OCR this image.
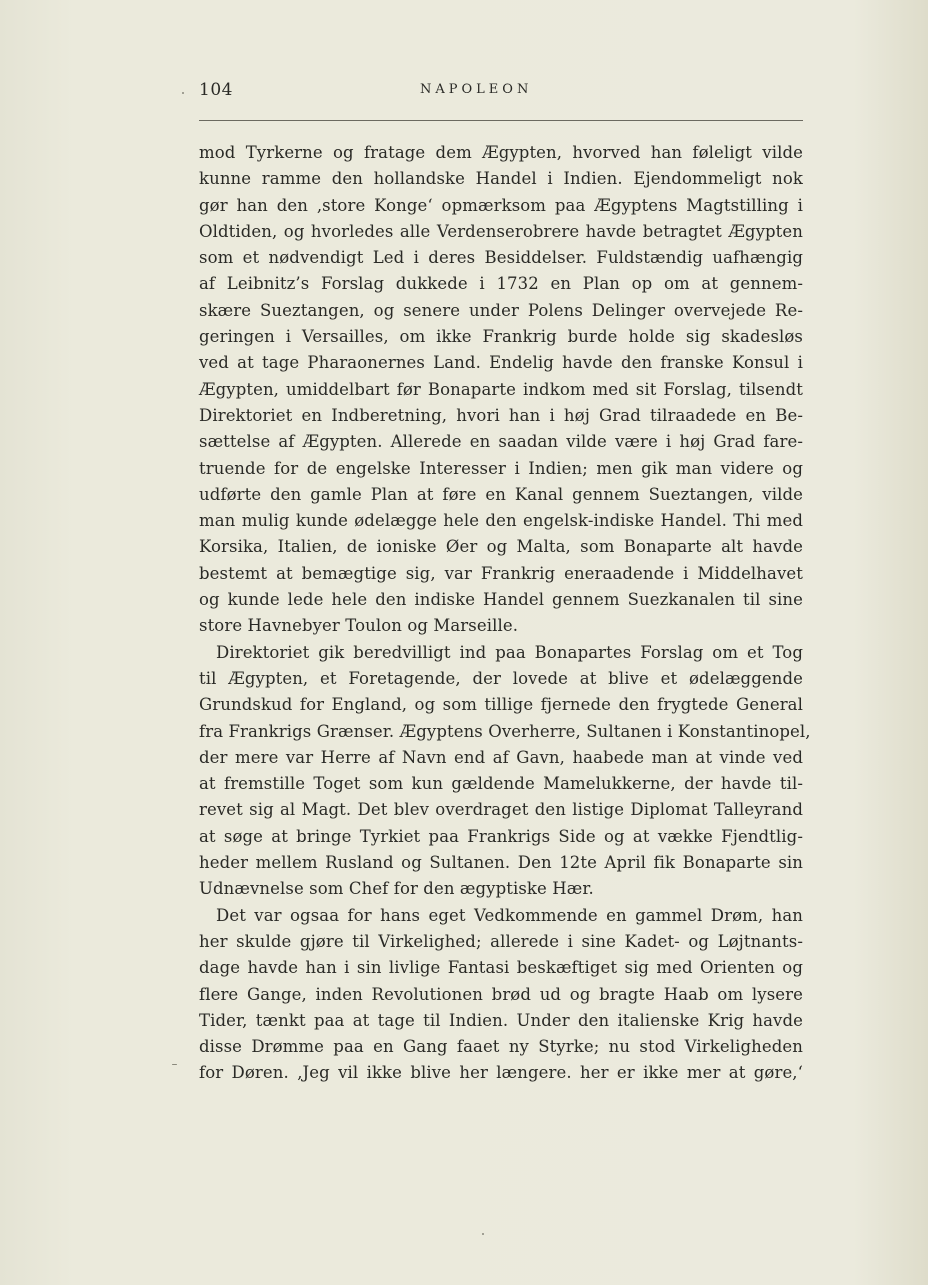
104	NAPOLEON
mod Tyrkerne og fratage dem Ægypten, hvorved han føleligt vilde
kunne ramme den hollandske Handel i Indien. Ejendommeligt nok
gør han den ‚store Konge‘ opmærksom paa Ægyptens Magtstilling i
Oldtiden, og hvorledes alle Verdenserobrere havde betragtet Ægypten
som et nødvendigt Led i deres Besiddelser. Fuldstændig uafhængig
af Leibnitz’s Forslag dukkede i 1732 en Plan op om at gennem-
skære Sueztangen, og senere under Polens Delinger overvejede Re-
geringen i Versailles, om ikke Frankrig burde holde sig skadesløs
ved at tage Pharaonernes Land. Endelig havde den franske Konsul i
Ægypten, umiddelbart før Bonaparte indkom med sit Forslag, tilsendt
Direktoriet en Indberetning, hvori han i høj Grad tilraadede en Be-
sættelse af Ægypten. Allerede en saadan vilde være i høj Grad fare-
truende for de engelske Interesser i Indien; men gik man videre og
udførte den gamle Plan at føre en Kanal gennem Sueztangen, vilde
man mulig kunde ødelægge hele den engelsk-indiske Handel. Thi med
Korsika, Italien, de ioniske Øer og Malta, som Bonaparte alt havde
bestemt at bemægtige sig, var Frankrig eneraadende i Middelhavet
og kunde lede hele den indiske Handel gennem Suezkanalen til sine
store Havnebyer Toulon og Marseille.
Direktoriet gik beredvilligt ind paa Bonapartes Forslag om et Tog
til Ægypten, et Foretagende, der lovede at blive et ødelæggende
Grundskud for England, og som tillige fjernede den frygtede General
fra Frankrigs Grænser. Ægyptens Overherre, Sultanen i Konstantinopel,
der mere var Herre af Navn end af Gavn, haabede man at vinde ved
at fremstille Toget som kun gældende Mamelukkerne, der havde til-
revet sig al Magt. Det blev overdraget den listige Diplomat Talleyrand
at søge at bringe Tyrkiet paa Frankrigs Side og at vække Fjendtlig-
heder mellem Rusland og Sultanen. Den 12te April fik Bonaparte sin
Udnævnelse som Chef for den ægyptiske Hær.
Det var ogsaa for hans eget Vedkommende en gammel Drøm, han
her skulde gjøre til Virkelighed; allerede i sine Kadet- og Løjtnants-
dage havde han i sin livlige Fantasi beskæftiget sig med Orienten og
flere Gange, inden Revolutionen brød ud og bragte Haab om lysere
Tider, tænkt paa at tage til Indien. Under den italienske Krig havde
disse Drømme paa en Gang faaet ny Styrke; nu stod Virkeligheden
for Døren. ‚Jeg vil ikke blive her længere. her er ikke mer at gøre,‘
